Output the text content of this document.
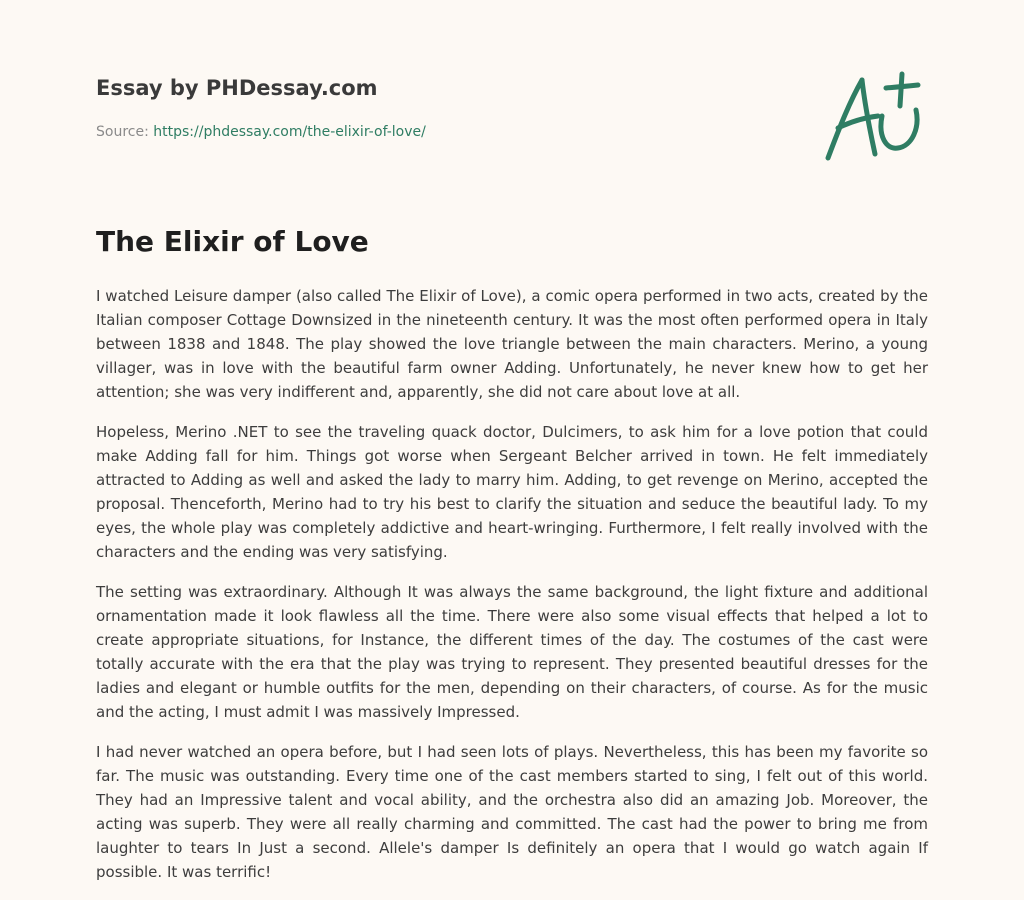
Essay by PHDessay.com

Source: https://phdessay.com/the-elixir-of-love/

The Elixir of Love

I watched Leisure damper (also called The Elixir of Love), a comic opera performed in two acts, created by the Italian composer Cottage Downsized in the nineteenth century. It was the most often performed opera in Italy between 1838 and 1848. The play showed the love triangle between the main characters. Merino, a young villager, was in love with the beautiful farm owner Adding. Unfortunately, he never knew how to get her attention; she was very indifferent and, apparently, she did not care about love at all.

Hopeless, Merino .NET to see the traveling quack doctor, Dulcimers, to ask him for a love potion that could make Adding fall for him. Things got worse when Sergeant Belcher arrived in town. He felt immediately attracted to Adding as well and asked the lady to marry him. Adding, to get revenge on Merino, accepted the proposal. Thenceforth, Merino had to try his best to clarify the situation and seduce the beautiful lady. To my eyes, the whole play was completely addictive and heart-wringing. Furthermore, I felt really involved with the characters and the ending was very satisfying.

The setting was extraordinary. Although It was always the same background, the light fixture and additional ornamentation made it look flawless all the time. There were also some visual effects that helped a lot to create appropriate situations, for Instance, the different times of the day. The costumes of the cast were totally accurate with the era that the play was trying to represent. They presented beautiful dresses for the ladies and elegant or humble outfits for the men, depending on their characters, of course. As for the music and the acting, I must admit I was massively Impressed.

I had never watched an opera before, but I had seen lots of plays. Nevertheless, this has been my favorite so far. The music was outstanding. Every time one of the cast members started to sing, I felt out of this world. They had an Impressive talent and vocal ability, and the orchestra also did an amazing Job. Moreover, the acting was superb. They were all really charming and committed. The cast had the power to bring me from laughter to tears In Just a second. Allele's damper Is definitely an opera that I would go watch again If possible. It was terrific!
